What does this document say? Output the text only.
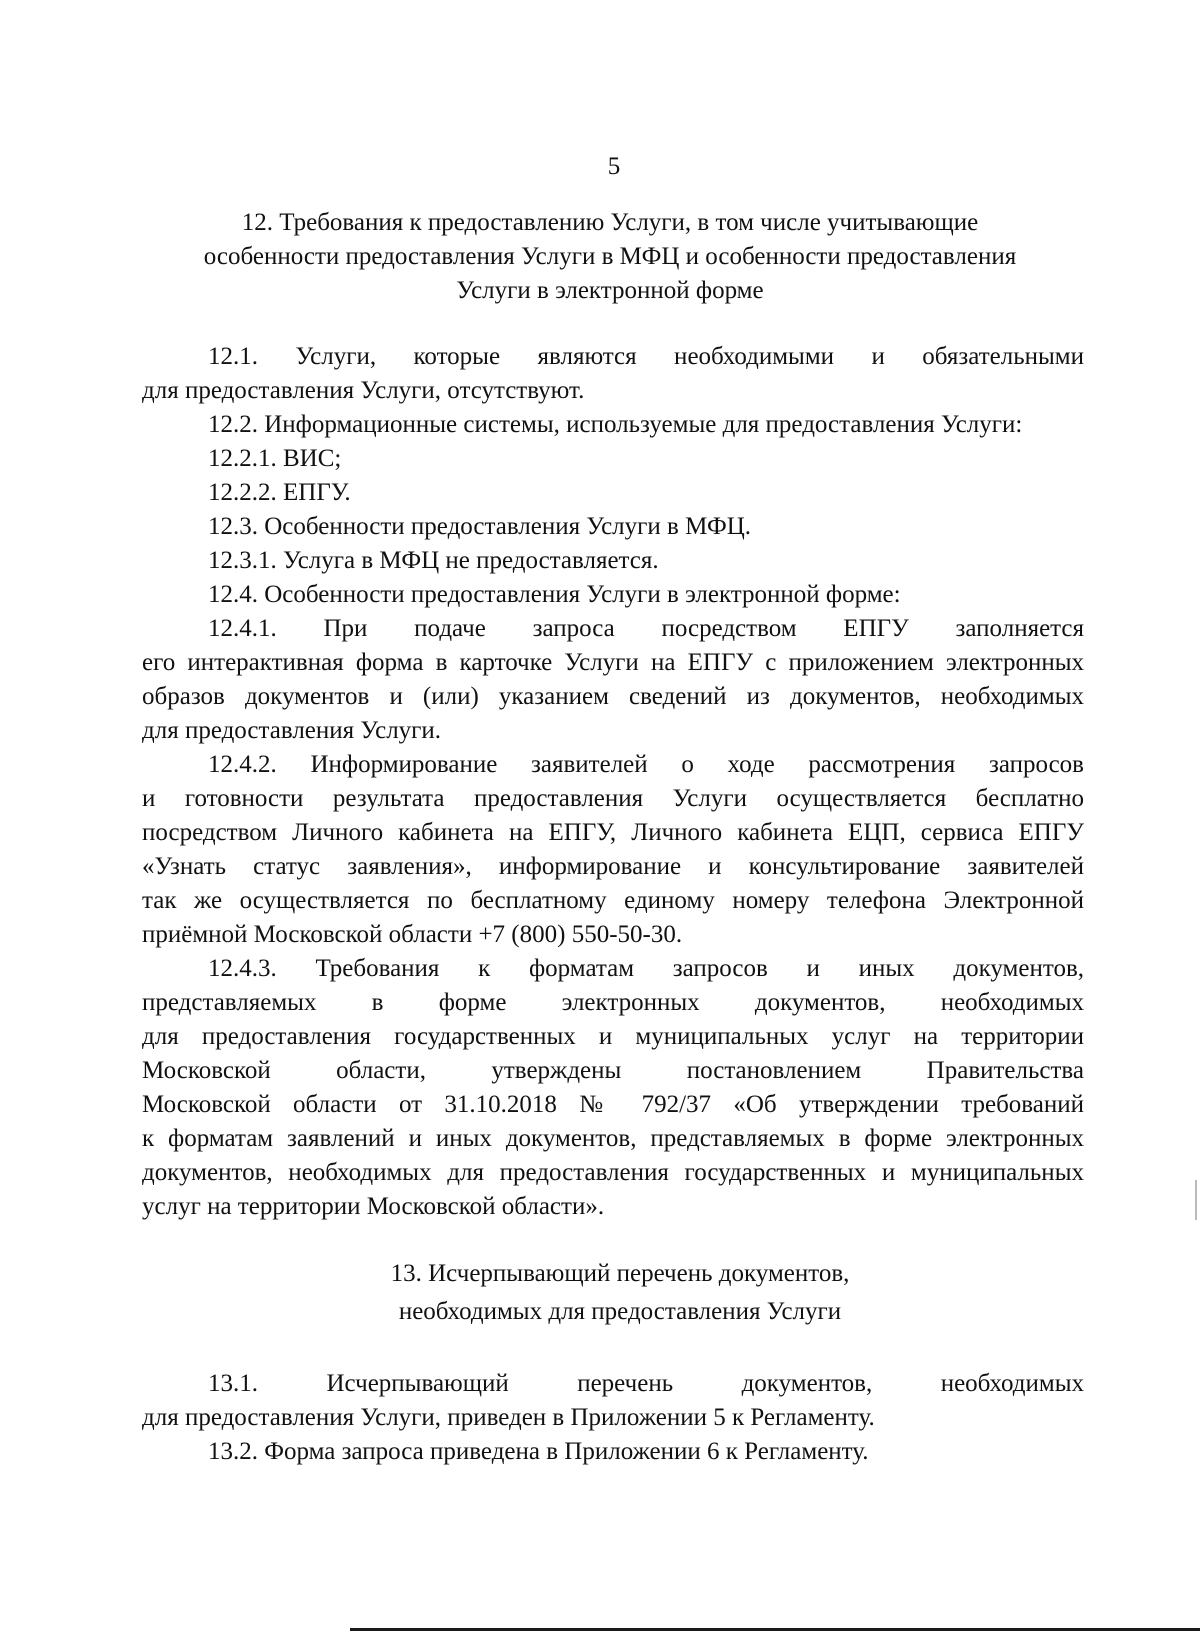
5
12. Требования к предоставлению Услуги, в том числе учитывающие
особенности предоставления Услуги в МФЦ и особенности предоставления
Услуги в электронной форме
12.1. Услуги, которые являются необходимыми и обязательными
для предоставления Услуги, отсутствуют.
12.2. Информационные системы, используемые для предоставления Услуги:
12.2.1. ВИС;
12.2.2. ЕПГУ.
12.3. Особенности предоставления Услуги в МФЦ.
12.3.1. Услуга в МФЦ не предоставляется.
12.4. Особенности предоставления Услуги в электронной форме:
12.4.1. При подаче запроса посредством ЕПГУ заполняется
его интерактивная форма в карточке Услуги на ЕПГУ с приложением электронных
образов документов и (или) указанием сведений из документов, необходимых
для предоставления Услуги.
12.4.2. Информирование заявителей о ходе рассмотрения запросов
и готовности результата предоставления Услуги осуществляется бесплатно
посредством Личного кабинета на ЕПГУ, Личного кабинета ЕЦП, сервиса ЕПГУ
«Узнать статус заявления», информирование и консультирование заявителей
так же осуществляется по бесплатному единому номеру телефона Электронной
приёмной Московской области +7 (800) 550-50-30.
12.4.3. Требования к форматам запросов и иных документов,
представляемых в форме электронных документов, необходимых
для предоставления государственных и муниципальных услуг на территории
Московской области, утверждены постановлением Правительства
Московской области от 31.10.2018 № 792/37 «Об утверждении требований
к форматам заявлений и иных документов, представляемых в форме электронных
документов, необходимых для предоставления государственных и муниципальных
услуг на территории Московской области».
13. Исчерпывающий перечень документов,
необходимых для предоставления Услуги
13.1. Исчерпывающий перечень документов, необходимых
для предоставления Услуги, приведен в Приложении 5 к Регламенту.
13.2. Форма запроса приведена в Приложении 6 к Регламенту.
